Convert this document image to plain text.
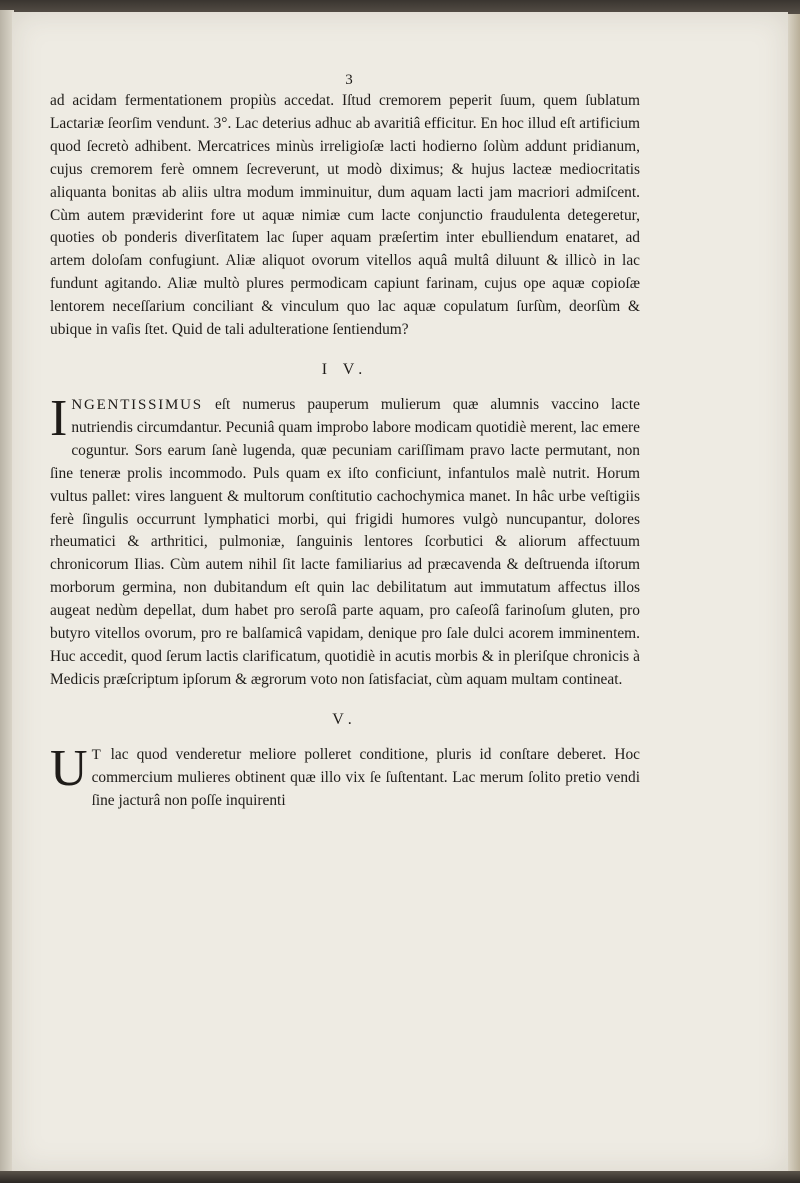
3

ad acidam fermentationem propiùs accedat. Iſtud cremorem peperit ſuum, quem ſublatum Lactariæ ſeorſim vendunt. 3°. Lac deterius adhuc ab avaritiâ efficitur. En hoc illud eſt artificium quod ſecretò adhibent. Mercatrices minùs irreligioſæ lacti hodierno ſolùm addunt pridianum, cujus cremorem ferè omnem ſecreverunt, ut modò diximus; & hujus lacteæ mediocritatis aliquanta bonitas ab aliis ultra modum imminuitur, dum aquam lacti jam macriori admiſcent. Cùm autem præviderint fore ut aquæ nimiæ cum lacte conjunctio fraudulenta detegeretur, quoties ob ponderis diverſitatem lac ſuper aquam præſertim inter ebulliendum enataret, ad artem doloſam confugiunt. Aliæ aliquot ovorum vitellos aquâ multâ diluunt & illicò in lac fundunt agitando. Aliæ multò plures permodicam capiunt farinam, cujus ope aquæ copioſæ lentorem neceſſarium conciliant & vinculum quo lac aquæ copulatum ſurſùm, deorſùm & ubique in vaſis ſtet. Quid de tali adulteratione ſentiendum?

I V.

I NGENTISSIMUS eſt numerus pauperum mulierum quæ alumnis vaccino lacte nutriendis circumdantur. Pecuniâ quam improbo labore modicam quotidiè merent, lac emere coguntur. Sors earum ſanè lugenda, quæ pecuniam cariſſimam pravo lacte permutant, non ſine teneræ prolis incommodo. Puls quam ex iſto conficiunt, infantulos malè nutrit. Horum vultus pallet: vires languent & multorum conſtitutio cachochymica manet. In hâc urbe veſtigiis ferè ſingulis occurrunt lymphatici morbi, qui frigidi humores vulgò nuncupantur, dolores rheumatici & arthritici, pulmoniæ, ſanguinis lentores ſcorbutici & aliorum affectuum chronicorum Ilias. Cùm autem nihil ſit lacte familiarius ad præcavenda & deſtruenda iſtorum morborum germina, non dubitandum eſt quin lac debilitatum aut immutatum affectus illos augeat nedùm depellat, dum habet pro seroſâ parte aquam, pro caſeoſâ farinoſum gluten, pro butyro vitellos ovorum, pro re balſamicâ vapidam, denique pro ſale dulci acorem imminentem. Huc accedit, quod ſerum lactis clarificatum, quotidiè in acutis morbis & in pleriſque chronicis à Medicis præſcriptum ipſorum & ægrorum voto non ſatisfaciat, cùm aquam multam contineat.

V.

U T lac quod venderetur meliore polleret conditione, pluris id conſtare deberet. Hoc commercium mulieres obtinent quæ illo vix ſe ſuſtentant. Lac merum ſolito pretio vendi ſine jacturâ non poſſe inquirenti
